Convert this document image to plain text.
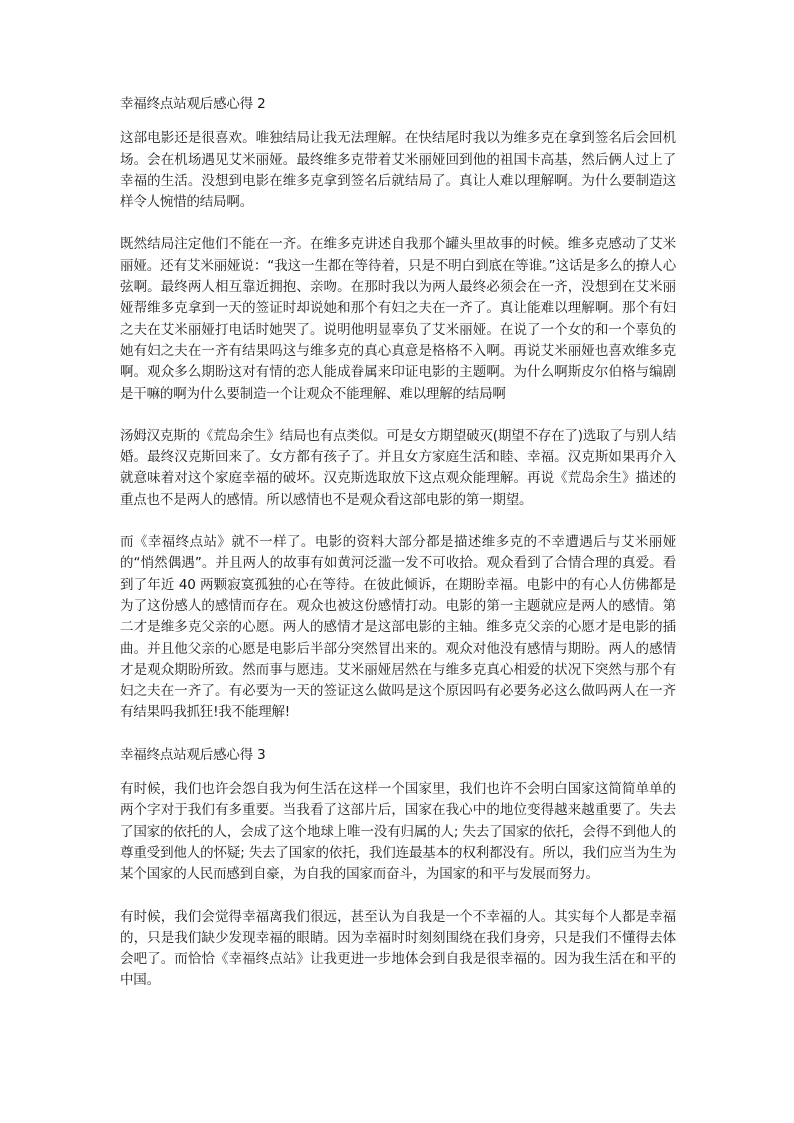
幸福终点站观后感心得 2
这部电影还是很喜欢。唯独结局让我无法理解。在快结尾时我以为维多克在拿到签名后会回机场。会在机场遇见艾米丽娅。最终维多克带着艾米丽娅回到他的祖国卡高基，然后俩人过上了幸福的生活。没想到电影在维多克拿到签名后就结局了。真让人难以理解啊。为什么要制造这样令人惋惜的结局啊。
既然结局注定他们不能在一齐。在维多克讲述自我那个罐头里故事的时候。维多克感动了艾米丽娅。还有艾米丽娅说：“我这一生都在等待着，只是不明白到底在等谁。”这话是多么的撩人心弦啊。最终两人相互靠近拥抱、亲吻。在那时我以为两人最终必须会在一齐，没想到在艾米丽娅帮维多克拿到一天的签证时却说她和那个有妇之夫在一齐了。真让能难以理解啊。那个有妇之夫在艾米丽娅打电话时她哭了。说明他明显辜负了艾米丽娅。在说了一个女的和一个辜负的她有妇之夫在一齐有结果吗这与维多克的真心真意是格格不入啊。再说艾米丽娅也喜欢维多克啊。观众多么期盼这对有情的恋人能成眷属来印证电影的主题啊。为什么啊斯皮尔伯格与编剧是干嘛的啊为什么要制造一个让观众不能理解、难以理解的结局啊
汤姆汉克斯的《荒岛余生》结局也有点类似。可是女方期望破灭(期望不存在了)选取了与别人结婚。最终汉克斯回来了。女方都有孩子了。并且女方家庭生活和睦、幸福。汉克斯如果再介入就意味着对这个家庭幸福的破坏。汉克斯选取放下这点观众能理解。再说《荒岛余生》描述的重点也不是两人的感情。所以感情也不是观众看这部电影的第一期望。
而《幸福终点站》就不一样了。电影的资料大部分都是描述维多克的不幸遭遇后与艾米丽娅的“悄然偶遇”。并且两人的故事有如黄河泛滥一发不可收拾。观众看到了合情合理的真爱。看到了年近 40 两颗寂寞孤独的心在等待。在彼此倾诉，在期盼幸福。电影中的有心人仿佛都是为了这份感人的感情而存在。观众也被这份感情打动。电影的第一主题就应是两人的感情。第二才是维多克父亲的心愿。两人的感情才是这部电影的主轴。维多克父亲的心愿才是电影的插曲。并且他父亲的心愿是电影后半部分突然冒出来的。观众对他没有感情与期盼。两人的感情才是观众期盼所致。然而事与愿违。艾米丽娅居然在与维多克真心相爱的状况下突然与那个有妇之夫在一齐了。有必要为一天的签证这么做吗是这个原因吗有必要务必这么做吗两人在一齐有结果吗我抓狂!我不能理解!
幸福终点站观后感心得 3
有时候，我们也许会怨自我为何生活在这样一个国家里，我们也许不会明白国家这简简单单的两个字对于我们有多重要。当我看了这部片后，国家在我心中的地位变得越来越重要了。失去了国家的依托的人，会成了这个地球上唯一没有归属的人; 失去了国家的依托，会得不到他人的尊重受到他人的怀疑; 失去了国家的依托，我们连最基本的权利都没有。所以，我们应当为生为某个国家的人民而感到自豪，为自我的国家而奋斗，为国家的和平与发展而努力。
有时候，我们会觉得幸福离我们很远，甚至认为自我是一个不幸福的人。其实每个人都是幸福的，只是我们缺少发现幸福的眼睛。因为幸福时时刻刻围绕在我们身旁，只是我们不懂得去体会吧了。而恰恰《幸福终点站》让我更进一步地体会到自我是很幸福的。因为我生活在和平的中国。
